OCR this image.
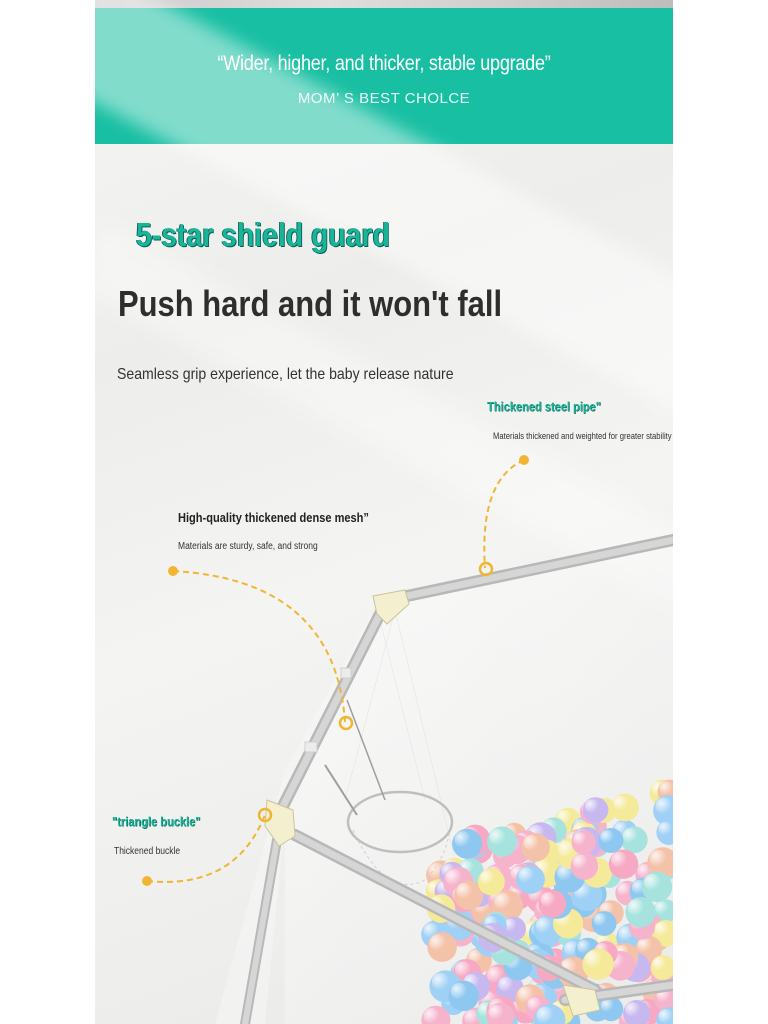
“Wider, higher, and thicker, stable upgrade”
MOM’ S BEST CHOLCE
5-star shield guard
Push hard and it won't fall
Seamless grip experience, let the baby release nature
Thickened steel pipe"
Materials thickened and weighted for greater stability
High-quality thickened dense mesh”
Materials are sturdy, safe, and strong
"triangle buckle"
Thickened buckle
